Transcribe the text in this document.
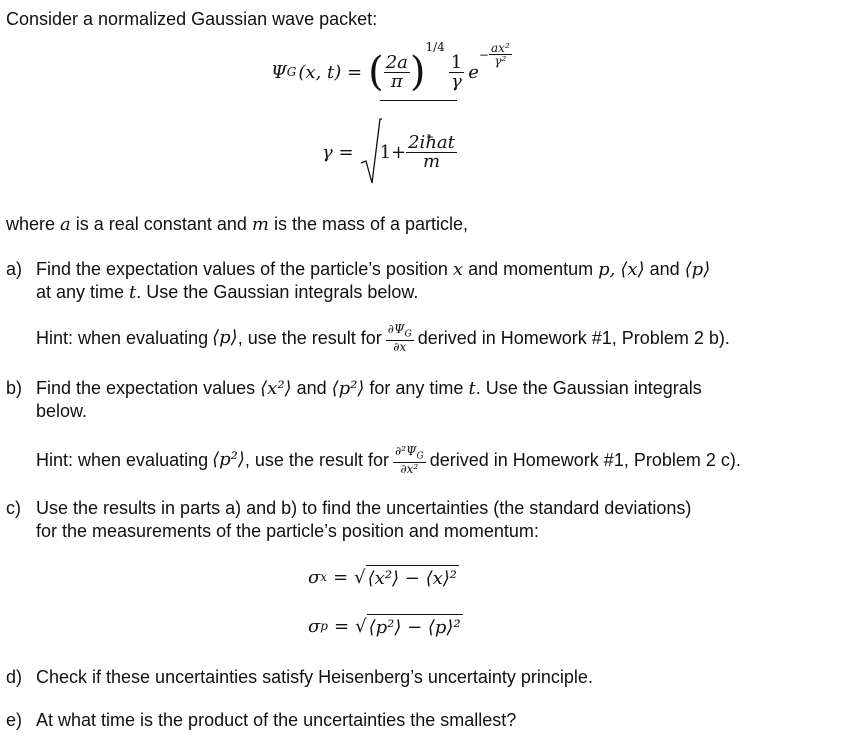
Consider a normalized Gaussian wave packet:
Ψ G (x, t) = ( $\frac{2a}{\pi}$ )
1/4
$\frac{1}{\gamma}$ e
− $\frac{\text{ax²}}{\text{γ²}}$
$\gamma = 1+ \frac{\text{2iħat}}{m}$
where a is a real constant and m is the mass of a particle,
a) Find the expectation values of the particle’s position x and momentum p, ⟨x⟩ and ⟨p⟩
at any time t. Use the Gaussian integrals below.
Hint: when evaluating ⟨p⟩ , use the result for $\frac{\partial\Psi_G}{\partial x}$ derived in Homework #1, Problem 2 b).
b) Find the expectation values ⟨x²⟩ and ⟨p²⟩ for any time t. Use the Gaussian integrals
below.
Hint: when evaluating ⟨p²⟩ , use the result for $\frac{\partial^2\Psi_G}{\text{∂x²}}$ derived in Homework #1, Problem 2 c).
c) Use the results in parts a) and b) to find the uncertainties (the standard deviations)
for the measurements of the particle’s position and momentum:
σ x = √ ⟨x²⟩ − ⟨x⟩²
σ p = √ ⟨p²⟩ − ⟨p⟩²
d) Check if these uncertainties satisfy Heisenberg’s uncertainty principle.
e) At what time is the product of the uncertainties the smallest?
